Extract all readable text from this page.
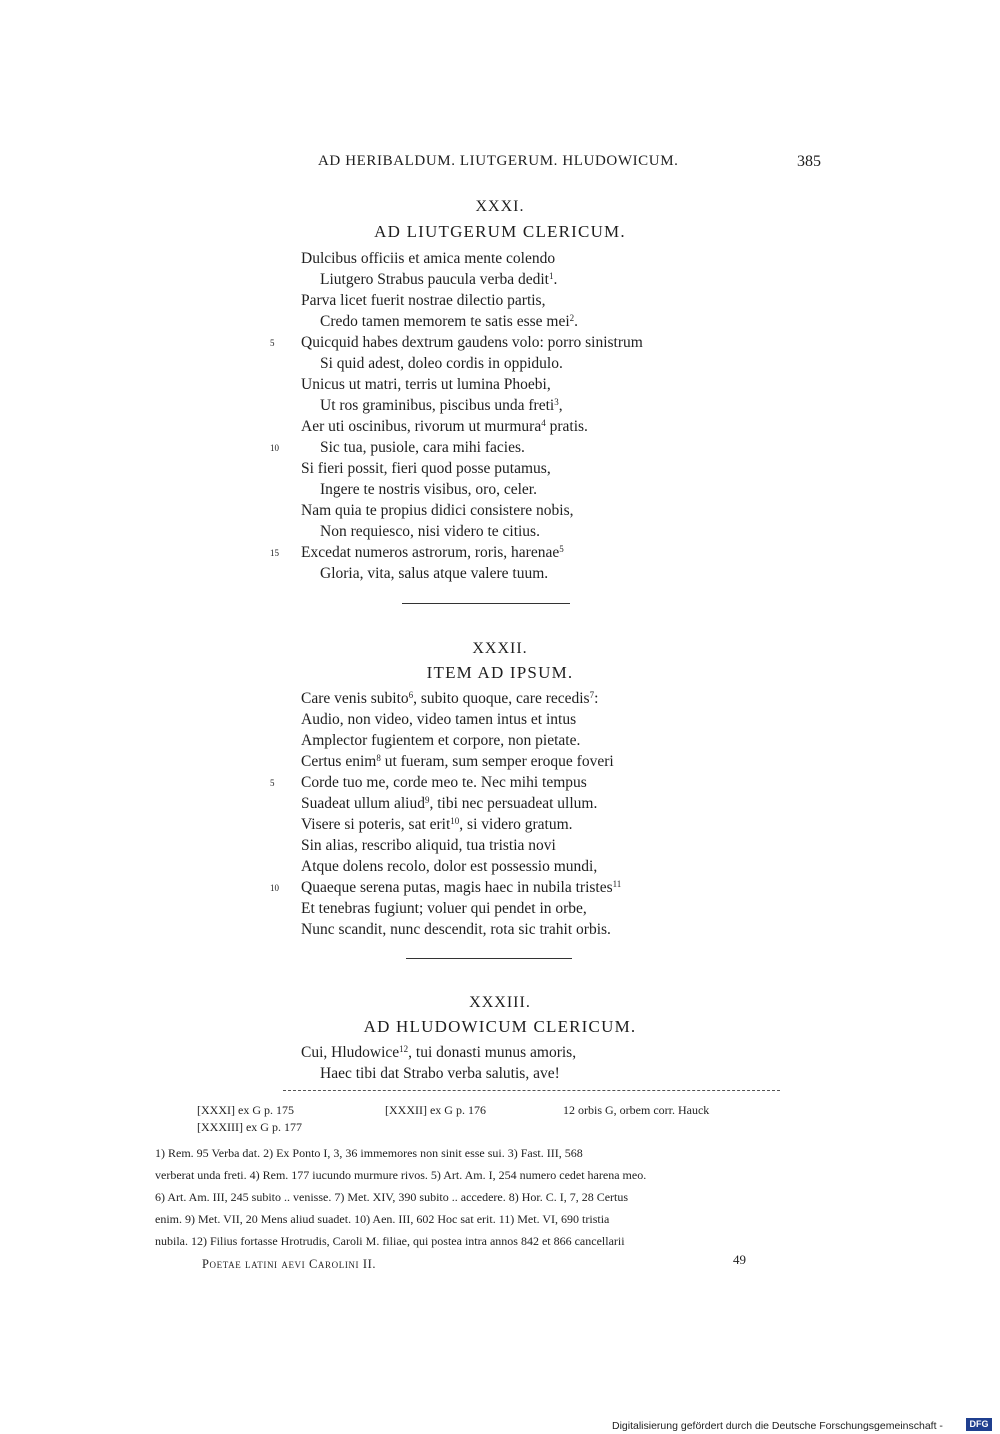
AD HERIBALDUM. LIUTGERUM. HLUDOWICUM.	385
XXXI.
AD LIUTGERUM CLERICUM.
Dulcibus officiis et amica mente colendo
Liutgero Strabus paucula verba dedit$^1$.
Parva licet fuerit nostrae dilectio partis,
Credo tamen memorem te satis esse mei$^2$.
5 Quicquid habes dextrum gaudens volo: porro sinistrum
Si quid adest, doleo cordis in oppidulo.
Unicus ut matri, terris ut lumina Phoebi,
Ut ros graminibus, piscibus unda freti$^3$,
Aer uti oscinibus, rivorum ut murmura$^4$ pratis.
10	Sic tua, pusiole, cara mihi facies.
Si fieri possit, fieri quod posse putamus,
Ingere te nostris visibus, oro, celer.
Nam quia te propius didici consistere nobis,
Non requiesco, nisi videro te citius.
15 Excedat numeros astrorum, roris, harenae$^5$
Gloria, vita, salus atque valere tuum.
XXXII.
ITEM AD IPSUM.
Care venis subito$^6$, subito quoque, care recedis$^7$:
Audio, non video, video tamen intus et intus
Amplector fugientem et corpore, non pietate.
Certus enim$^8$ ut fueram, sum semper eroque foveri
5 Corde tuo me, corde meo te. Nec mihi tempus
Suadeat ullum aliud$^9$, tibi nec persuadeat ullum.
Visere si poteris, sat erit$^{10}$, si videro gratum.
Sin alias, rescribo aliquid, tua tristia novi
Atque dolens recolo, dolor est possessio mundi,
10 Quaeque serena putas, magis haec in nubila tristes$^{11}$
Et tenebras fugiunt; voluer qui pendet in orbe,
Nunc scandit, nunc descendit, rota sic trahit orbis.
XXXIII.
AD HLUDOWICUM CLERICUM.
Cui, Hludowice$^{12}$, tui donasti munus amoris,
Haec tibi dat Strabo verba salutis, ave!
[XXXI] ex G p. 175	[XXXII] ex G p. 176	12 orbis G, orbem corr. Hauck
[XXXIII] ex G p. 177
1) Rem. 95 Verba dat. 2) Ex Ponto I, 3, 36 immemores non sinit esse sui. 3) Fast. III, 568
verberat unda freti. 4) Rem. 177 iucundo murmure rivos. 5) Art. Am. I, 254 numero cedet harena meo.
6) Art. Am. III, 245 subito .. venisse. 7) Met. XIV, 390 subito .. accedere. 8) Hor. C. I, 7, 28 Certus
enim. 9) Met. VII, 20 Mens aliud suadet. 10) Aen. III, 602 Hoc sat erit. 11) Met. VI, 690 tristia
nubila. 12) Filius fortasse Hrotrudis, Caroli M. filiae, qui postea intra annos 842 et 866 cancellarii
Poetae latini aevi Carolini II.	49
Digitalisierung gefördert durch die Deutsche Forschungsgemeinschaft -	DFG
